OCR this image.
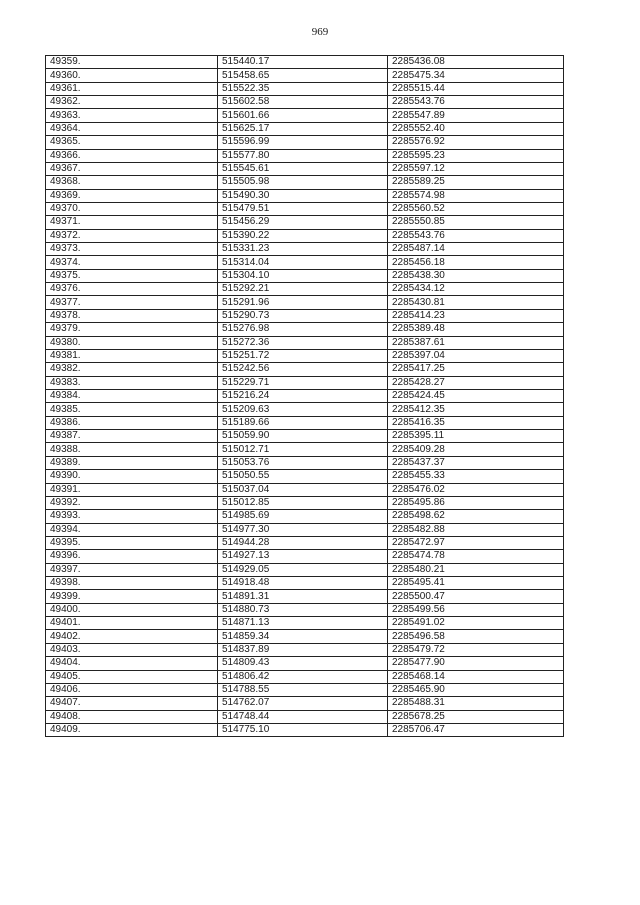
969
49359.	515440.17	2285436.08
49360.	515458.65	2285475.34
49361.	515522.35	2285515.44
49362.	515602.58	2285543.76
49363.	515601.66	2285547.89
49364.	515625.17	2285552.40
49365.	515596.99	2285576.92
49366.	515577.80	2285595.23
49367.	515545.61	2285597.12
49368.	515505.98	2285589.25
49369.	515490.30	2285574.98
49370.	515479.51	2285560.52
49371.	515456.29	2285550.85
49372.	515390.22	2285543.76
49373.	515331.23	2285487.14
49374.	515314.04	2285456.18
49375.	515304.10	2285438.30
49376.	515292.21	2285434.12
49377.	515291.96	2285430.81
49378.	515290.73	2285414.23
49379.	515276.98	2285389.48
49380.	515272.36	2285387.61
49381.	515251.72	2285397.04
49382.	515242.56	2285417.25
49383.	515229.71	2285428.27
49384.	515216.24	2285424.45
49385.	515209.63	2285412.35
49386.	515189.66	2285416.35
49387.	515059.90	2285395.11
49388.	515012.71	2285409.28
49389.	515053.76	2285437.37
49390.	515050.55	2285455.33
49391.	515037.04	2285476.02
49392.	515012.85	2285495.86
49393.	514985.69	2285498.62
49394.	514977.30	2285482.88
49395.	514944.28	2285472.97
49396.	514927.13	2285474.78
49397.	514929.05	2285480.21
49398.	514918.48	2285495.41
49399.	514891.31	2285500.47
49400.	514880.73	2285499.56
49401.	514871.13	2285491.02
49402.	514859.34	2285496.58
49403.	514837.89	2285479.72
49404.	514809.43	2285477.90
49405.	514806.42	2285468.14
49406.	514788.55	2285465.90
49407.	514762.07	2285488.31
49408.	514748.44	2285678.25
49409.	514775.10	2285706.47
